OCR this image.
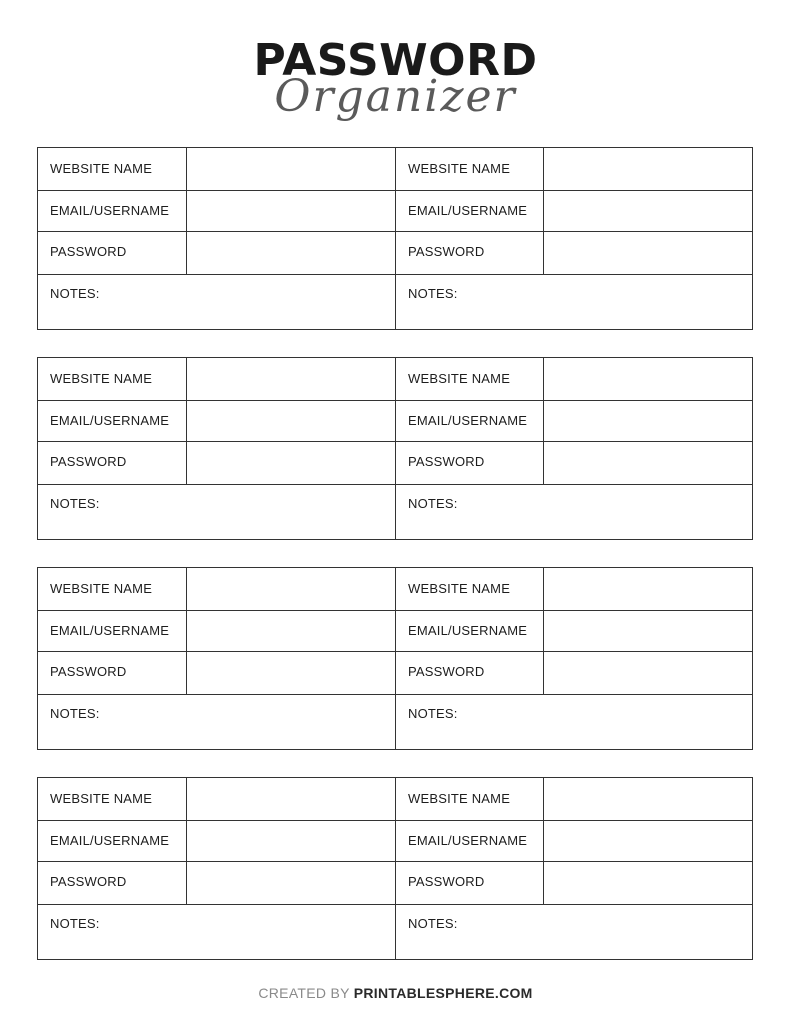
PASSWORD
Organizer
WEBSITE NAME
EMAIL/USERNAME
PASSWORD
NOTES:
WEBSITE NAME
EMAIL/USERNAME
PASSWORD
NOTES:
WEBSITE NAME
EMAIL/USERNAME
PASSWORD
NOTES:
WEBSITE NAME
EMAIL/USERNAME
PASSWORD
NOTES:
WEBSITE NAME
EMAIL/USERNAME
PASSWORD
NOTES:
WEBSITE NAME
EMAIL/USERNAME
PASSWORD
NOTES:
WEBSITE NAME
EMAIL/USERNAME
PASSWORD
NOTES:
WEBSITE NAME
EMAIL/USERNAME
PASSWORD
NOTES:
CREATED BY PRINTABLESPHERE.COM
